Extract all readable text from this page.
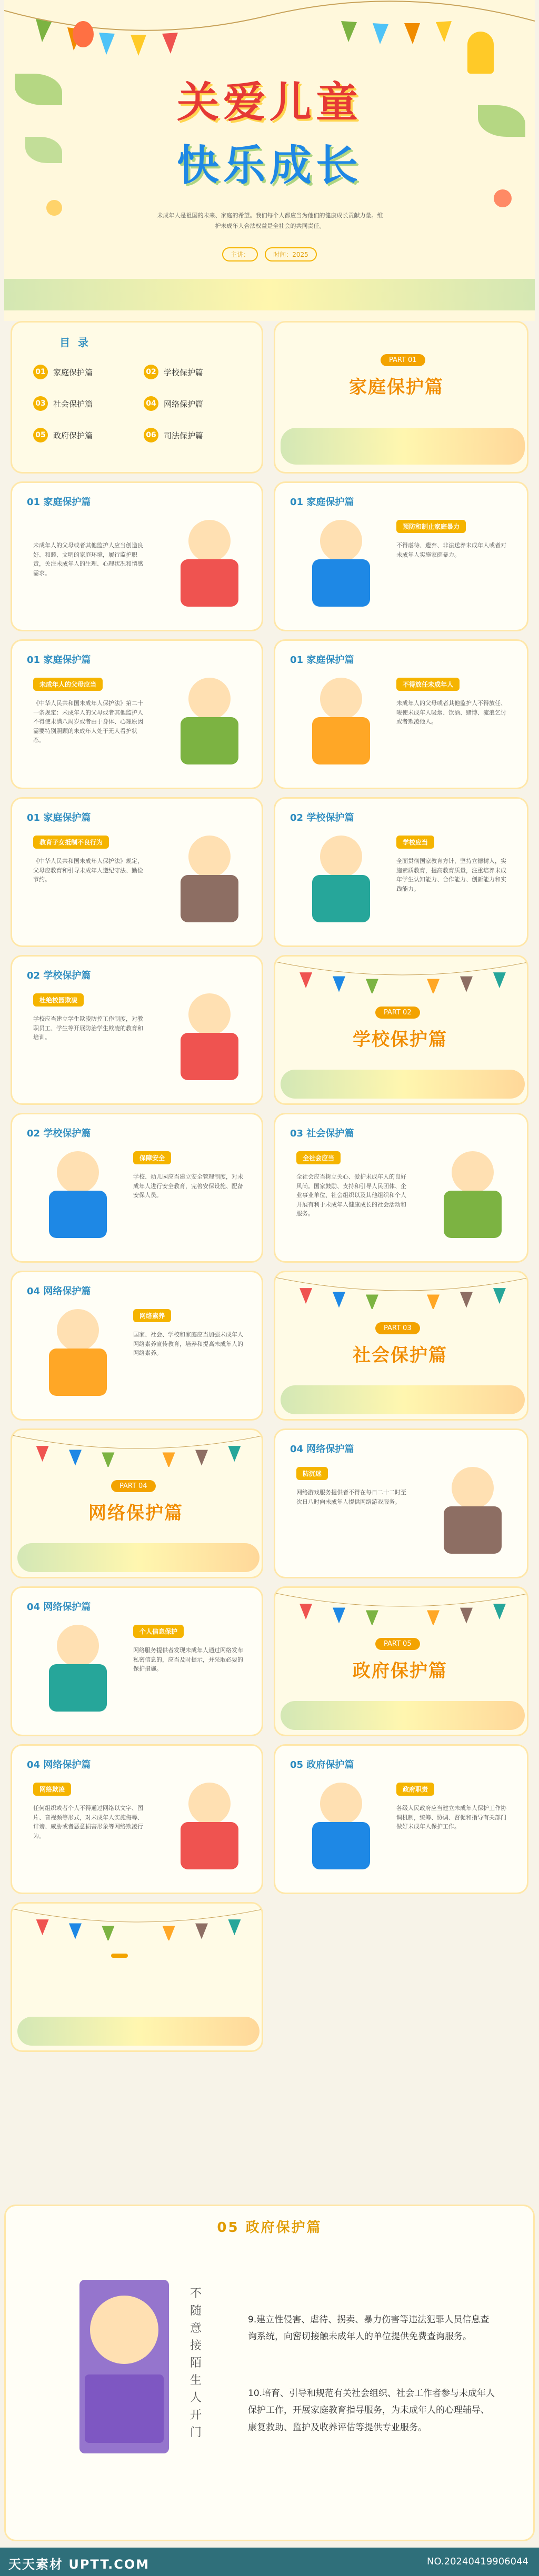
关爱儿童
快乐成长
未成年人是祖国的未来、家庭的希望。我们每个人都应当为他们的健康成长贡献力量。维护未成年人合法权益是全社会的共同责任。
主讲：	时间：2025
目 录
01 家庭保护篇	02 学校保护篇
03 社会保护篇	04 网络保护篇
05 政府保护篇	06 司法保护篇
PART 01
家庭保护篇
01 家庭保护篇
未成年人的父母或者其他监护人应当创造良好、和睦、文明的家庭环境，履行监护职责，关注未成年人的生理、心理状况和情感需求。
01 家庭保护篇
预防和制止家庭暴力
不得虐待、遗弃、非法送养未成年人或者对未成年人实施家庭暴力。
01 家庭保护篇
未成年人的父母应当
《中华人民共和国未成年人保护法》第二十一条规定：未成年人的父母或者其他监护人不得使未满八周岁或者由于身体、心理原因需要特别照顾的未成年人处于无人看护状态。
01 家庭保护篇
不得放任未成年人
未成年人的父母或者其他监护人不得放任、唆使未成年人吸烟、饮酒、赌博、流浪乞讨或者欺凌他人。
01 家庭保护篇
教育子女抵制不良行为
《中华人民共和国未成年人保护法》规定，父母应教育和引导未成年人遵纪守法、勤俭节约。
02 学校保护篇
学校应当
全面贯彻国家教育方针，坚持立德树人，实施素质教育，提高教育质量，注重培养未成年学生认知能力、合作能力、创新能力和实践能力。
02 学校保护篇
杜绝校园欺凌
学校应当建立学生欺凌防控工作制度，对教职员工、学生等开展防治学生欺凌的教育和培训。
PART 02
学校保护篇
02 学校保护篇
保障安全
学校、幼儿园应当建立安全管理制度，对未成年人进行安全教育，完善安保设施、配备安保人员。
03 社会保护篇
全社会应当
全社会应当树立关心、爱护未成年人的良好风尚。国家鼓励、支持和引导人民团体、企业事业单位、社会组织以及其他组织和个人开展有利于未成年人健康成长的社会活动和服务。
04 网络保护篇
网络素养
国家、社会、学校和家庭应当加强未成年人网络素养宣传教育，培养和提高未成年人的网络素养。
PART 03
社会保护篇
PART 04
网络保护篇
04 网络保护篇
防沉迷
网络游戏服务提供者不得在每日二十二时至次日八时向未成年人提供网络游戏服务。
04 网络保护篇
个人信息保护
网络服务提供者发现未成年人通过网络发布私密信息的，应当及时提示，并采取必要的保护措施。
PART 05
政府保护篇
04 网络保护篇
网络欺凌
任何组织或者个人不得通过网络以文字、图片、音视频等形式，对未成年人实施侮辱、诽谤、威胁或者恶意损害形象等网络欺凌行为。
05 政府保护篇
政府职责
各级人民政府应当建立未成年人保护工作协调机制，统筹、协调、督促和指导有关部门做好未成年人保护工作。
05 政府保护篇
不随意接陌生人开门
9.建立性侵害、虐待、拐卖、暴力伤害等违法犯罪人员信息查询系统，向密切接触未成年人的单位提供免费查询服务。
10.培育、引导和规范有关社会组织、社会工作者参与未成年人保护工作，开展家庭教育指导服务，为未成年人的心理辅导、康复救助、监护及收养评估等提供专业服务。
天天素材 UPTT.COM	NO.20240419906044
